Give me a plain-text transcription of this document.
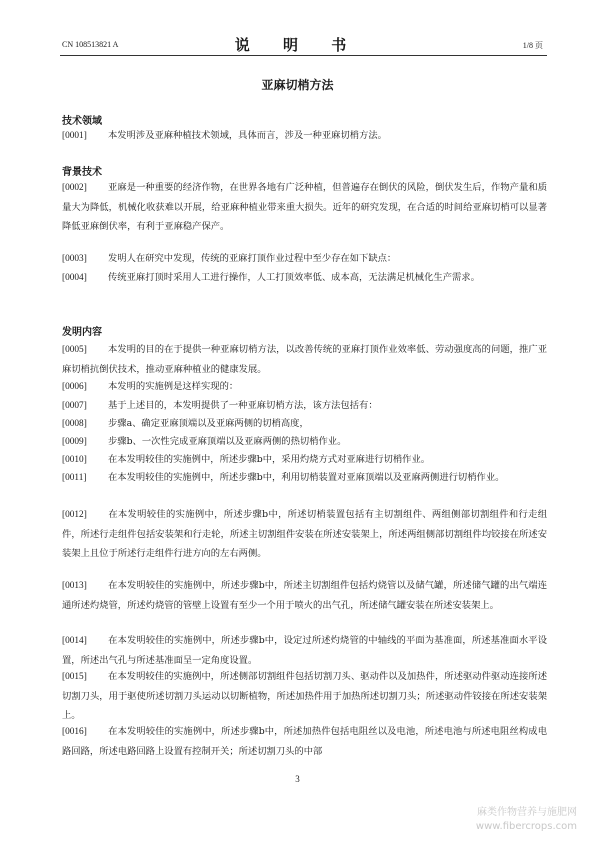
CN 108513821 A	说 明 书	1/8 页
亚麻切梢方法
技术领域
[0001] 本发明涉及亚麻种植技术领域，具体而言，涉及一种亚麻切梢方法。
背景技术
[0002] 亚麻是一种重要的经济作物，在世界各地有广泛种植，但普遍存在倒伏的风险，倒伏发生后，作物产量和质量大为降低，机械化收获难以开展，给亚麻种植业带来重大损失。近年的研究发现，在合适的时间给亚麻切梢可以显著降低亚麻倒伏率，有利于亚麻稳产保产。
[0003] 发明人在研究中发现，传统的亚麻打顶作业过程中至少存在如下缺点：
[0004] 传统亚麻打顶时采用人工进行操作，人工打顶效率低、成本高，无法满足机械化生产需求。
发明内容
[0005] 本发明的目的在于提供一种亚麻切梢方法，以改善传统的亚麻打顶作业效率低、劳动强度高的问题，推广亚麻切梢抗倒伏技术，推动亚麻种植业的健康发展。
[0006] 本发明的实施例是这样实现的：
[0007] 基于上述目的，本发明提供了一种亚麻切梢方法，该方法包括有：
[0008] 步骤a、确定亚麻顶端以及亚麻两侧的切梢高度，
[0009] 步骤b、一次性完成亚麻顶端以及亚麻两侧的热切梢作业。
[0010] 在本发明较佳的实施例中，所述步骤b中，采用灼烧方式对亚麻进行切梢作业。
[0011] 在本发明较佳的实施例中，所述步骤b中，利用切梢装置对亚麻顶端以及亚麻两侧进行切梢作业。
[0012] 在本发明较佳的实施例中，所述步骤b中，所述切梢装置包括有主切割组件、两组侧部切割组件和行走组件，所述行走组件包括安装架和行走轮，所述主切割组件安装在所述安装架上，所述两组侧部切割组件均铰接在所述安装架上且位于所述行走组件行进方向的左右两侧。
[0013] 在本发明较佳的实施例中，所述步骤b中，所述主切割组件包括灼烧管以及储气罐，所述储气罐的出气端连通所述灼烧管，所述灼烧管的管壁上设置有至少一个用于喷火的出气孔，所述储气罐安装在所述安装架上。
[0014] 在本发明较佳的实施例中，所述步骤b中，设定过所述灼烧管的中轴线的平面为基准面，所述基准面水平设置，所述出气孔与所述基准面呈一定角度设置。
[0015] 在本发明较佳的实施例中，所述侧部切割组件包括切割刀头、驱动件以及加热件，所述驱动件驱动连接所述切割刀头，用于驱使所述切割刀头运动以切断植物，所述加热件用于加热所述切割刀头；所述驱动件铰接在所述安装架上。
[0016] 在本发明较佳的实施例中，所述步骤b中，所述加热件包括电阻丝以及电池，所述电池与所述电阻丝构成电路回路，所述电路回路上设置有控制开关；所述切割刀头的中部
3
麻类作物营养与施肥网
www.fibercrops.com
